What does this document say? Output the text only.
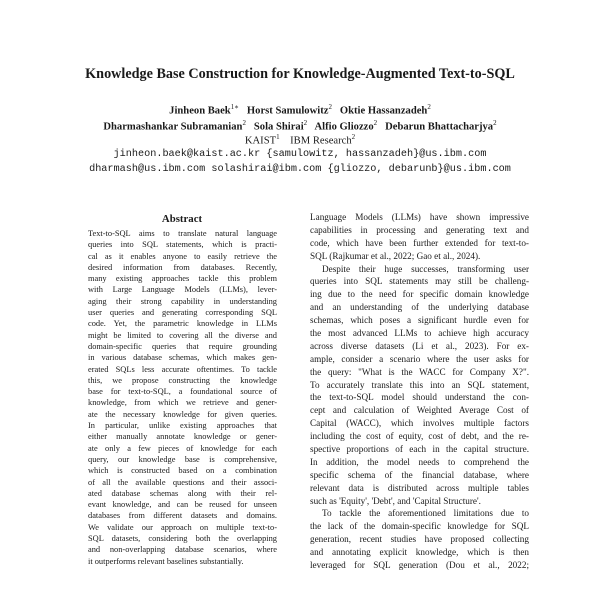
Knowledge Base Construction for Knowledge-Augmented Text-to-SQL
Jinheon Baek$^{1∗}$ Horst Samulowitz$^2$ Oktie Hassanzadeh$^2$
Dharmashankar Subramanian$^2$ Sola Shirai$^2$ Alfio Gliozzo$^2$ Debarun Bhattacharjya$^2$
KAIST$^1$ IBM Research$^2$
jinheon.baek@kaist.ac.kr {samulowitz, hassanzadeh}@us.ibm.com
dharmash@us.ibm.com solashirai@ibm.com {gliozzo, debarunb}@us.ibm.com
Abstract
Text-to-SQL aims to translate natural language
queries into SQL statements, which is practi-
cal as it enables anyone to easily retrieve the
desired information from databases. Recently,
many existing approaches tackle this problem
with Large Language Models (LLMs), lever-
aging their strong capability in understanding
user queries and generating corresponding SQL
code. Yet, the parametric knowledge in LLMs
might be limited to covering all the diverse and
domain-specific queries that require grounding
in various database schemas, which makes gen-
erated SQLs less accurate oftentimes. To tackle
this, we propose constructing the knowledge
base for text-to-SQL, a foundational source of
knowledge, from which we retrieve and gener-
ate the necessary knowledge for given queries.
In particular, unlike existing approaches that
either manually annotate knowledge or gener-
ate only a few pieces of knowledge for each
query, our knowledge base is comprehensive,
which is constructed based on a combination
of all the available questions and their associ-
ated database schemas along with their rel-
evant knowledge, and can be reused for unseen
databases from different datasets and domains.
We validate our approach on multiple text-to-
SQL datasets, considering both the overlapping
and non-overlapping database scenarios, where
it outperforms relevant baselines substantially.
Language Models (LLMs) have shown impressive
capabilities in processing and generating text and
code, which have been further extended for text-to-
SQL (Rajkumar et al., 2022; Gao et al., 2024).
Despite their huge successes, transforming user
queries into SQL statements may still be challeng-
ing due to the need for specific domain knowledge
and an understanding of the underlying database
schemas, which poses a significant hurdle even for
the most advanced LLMs to achieve high accuracy
across diverse datasets (Li et al., 2023). For ex-
ample, consider a scenario where the user asks for
the query: "What is the WACC for Company X?".
To accurately translate this into an SQL statement,
the text-to-SQL model should understand the con-
cept and calculation of Weighted Average Cost of
Capital (WACC), which involves multiple factors
including the cost of equity, cost of debt, and the re-
spective proportions of each in the capital structure.
In addition, the model needs to comprehend the
specific schema of the financial database, where
relevant data is distributed across multiple tables
such as 'Equity', 'Debt', and 'Capital Structure'.
To tackle the aforementioned limitations due to
the lack of the domain-specific knowledge for SQL
generation, recent studies have proposed collecting
and annotating explicit knowledge, which is then
leveraged for SQL generation (Dou et al., 2022;
